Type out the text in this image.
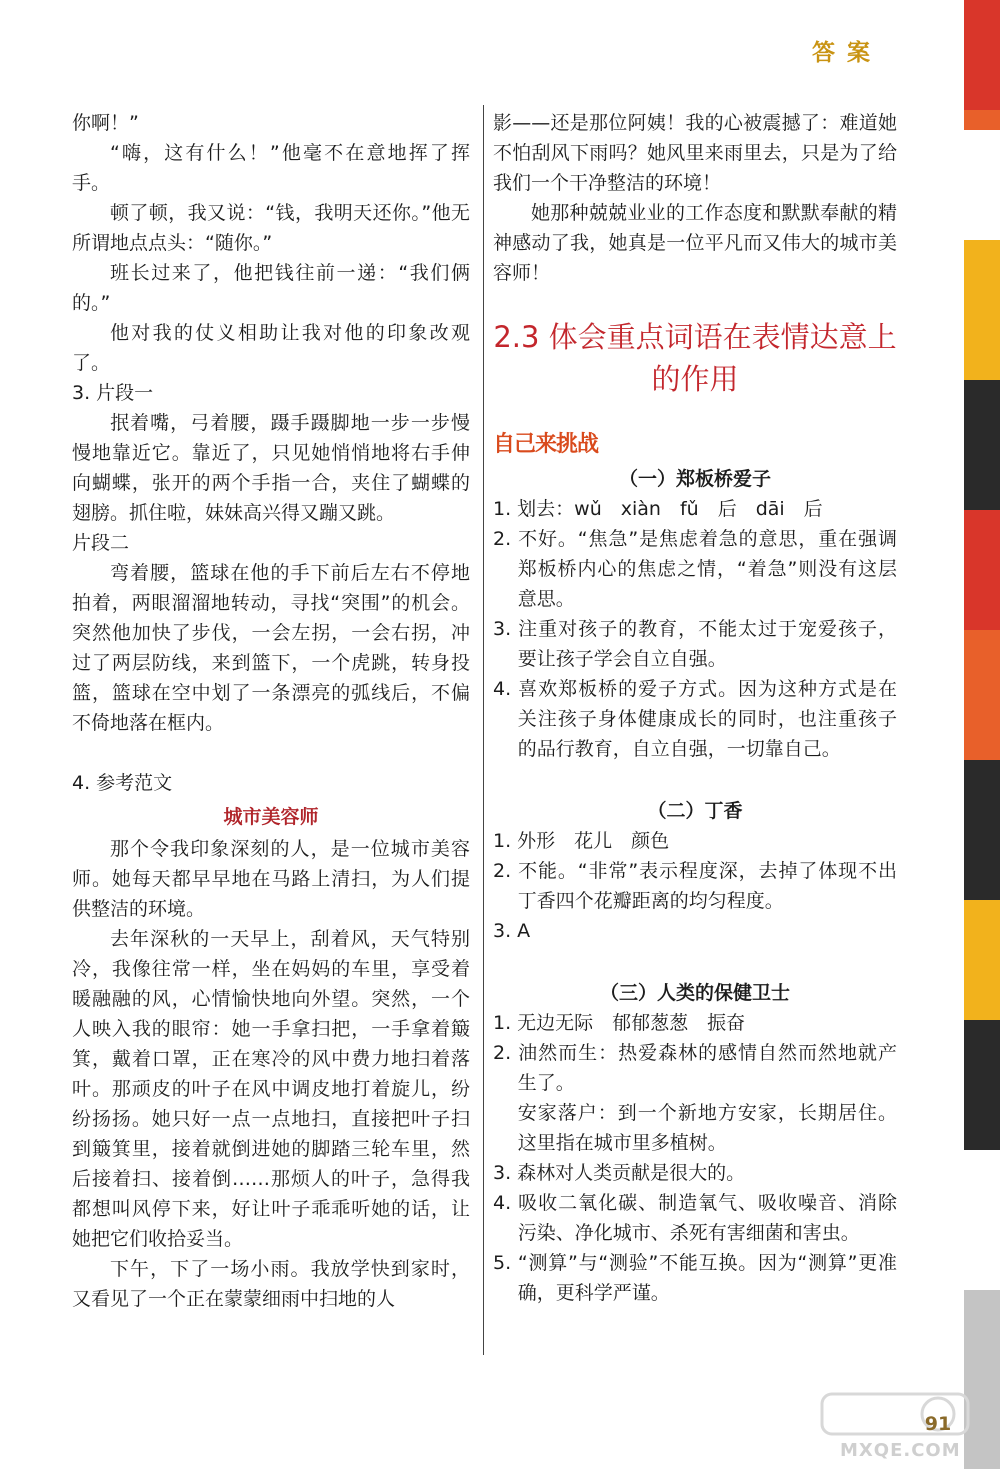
答案

你啊！”

“嗨，这有什么！”他毫不在意地挥了挥手。

顿了顿，我又说：“钱，我明天还你。”他无所谓地点点头：“随你。”

班长过来了，他把钱往前一递：“我们俩的。”

他对我的仗义相助让我对他的印象改观了。

3. 片段一

抿着嘴，弓着腰，蹑手蹑脚地一步一步慢慢地靠近它。靠近了，只见她悄悄地将右手伸向蝴蝶，张开的两个手指一合，夹住了蝴蝶的翅膀。抓住啦，妹妹高兴得又蹦又跳。

片段二

弯着腰，篮球在他的手下前后左右不停地拍着，两眼溜溜地转动，寻找“突围”的机会。突然他加快了步伐，一会左拐，一会右拐，冲过了两层防线，来到篮下，一个虎跳，转身投篮，篮球在空中划了一条漂亮的弧线后，不偏不倚地落在框内。

4. 参考范文

城市美容师

那个令我印象深刻的人，是一位城市美容师。她每天都早早地在马路上清扫，为人们提供整洁的环境。

去年深秋的一天早上，刮着风，天气特别冷，我像往常一样，坐在妈妈的车里，享受着暖融融的风，心情愉快地向外望。突然，一个人映入我的眼帘：她一手拿扫把，一手拿着簸箕，戴着口罩，正在寒冷的风中费力地扫着落叶。那顽皮的叶子在风中调皮地打着旋儿，纷纷扬扬。她只好一点一点地扫，直接把叶子扫到簸箕里，接着就倒进她的脚踏三轮车里，然后接着扫、接着倒……那烦人的叶子，急得我都想叫风停下来，好让叶子乖乖听她的话，让她把它们收拾妥当。

下午，下了一场小雨。我放学快到家时，又看见了一个正在蒙蒙细雨中扫地的人

影——还是那位阿姨！我的心被震撼了：难道她不怕刮风下雨吗？她风里来雨里去，只是为了给我们一个干净整洁的环境！

她那种兢兢业业的工作态度和默默奉献的精神感动了我，她真是一位平凡而又伟大的城市美容师！

2.3 体会重点词语在表情达意上的作用

自己来挑战

（一）郑板桥爱子

1. 划去：wǔ　xiàn　fǔ　后　dāi　后

2. 不好。“焦急”是焦虑着急的意思，重在强调郑板桥内心的焦虑之情，“着急”则没有这层意思。

3. 注重对孩子的教育，不能太过于宠爱孩子，要让孩子学会自立自强。

4. 喜欢郑板桥的爱子方式。因为这种方式是在关注孩子身体健康成长的同时，也注重孩子的品行教育，自立自强，一切靠自己。

（二）丁香

1. 外形　花儿　颜色

2. 不能。“非常”表示程度深，去掉了体现不出丁香四个花瓣距离的均匀程度。

3. A

（三）人类的保健卫士

1. 无边无际　郁郁葱葱　振奋

2. 油然而生：热爱森林的感情自然而然地就产生了。

安家落户：到一个新地方安家，长期居住。这里指在城市里多植树。

3. 森林对人类贡献是很大的。

4. 吸收二氧化碳、制造氧气、吸收噪音、消除污染、净化城市、杀死有害细菌和害虫。

5. “测算”与“测验”不能互换。因为“测算”更准确，更科学严谨。

91
MXQE.COM
